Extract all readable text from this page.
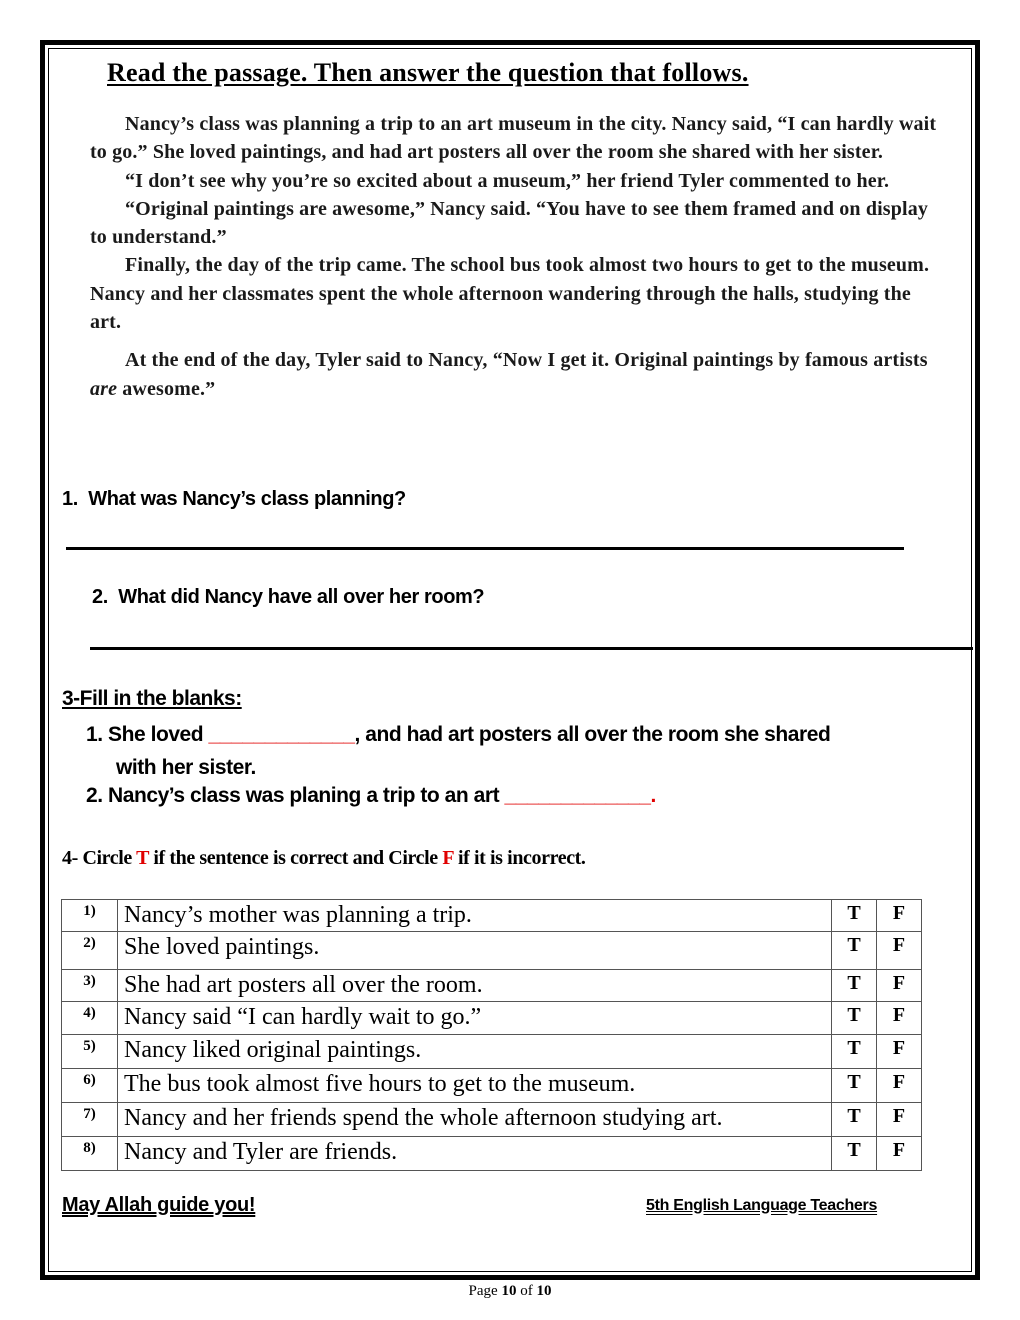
Read the passage. Then answer the question that follows.

Nancy’s class was planning a trip to an art museum in the city. Nancy said, “I can hardly wait to go.” She loved paintings, and had art posters all over the room she shared with her sister.

“I don’t see why you’re so excited about a museum,” her friend Tyler commented to her.

“Original paintings are awesome,” Nancy said. “You have to see them framed and on display to understand.”

Finally, the day of the trip came. The school bus took almost two hours to get to the museum. Nancy and her classmates spent the whole afternoon wandering through the halls, studying the art.

At the end of the day, Tyler said to Nancy, “Now I get it. Original paintings by famous artists are awesome.”

1. What was Nancy’s class planning?
2. What did Nancy have all over her room?
3-Fill in the blanks:
1. She loved _____________, and had art posters all over the room she shared
with her sister.
2. Nancy’s class was planing a trip to an art _____________.
4- Circle T if the sentence is correct and Circle F if it is incorrect.
1)	Nancy’s mother was planning a trip.	T	F
2)	She loved paintings.	T	F
3)	She had art posters all over the room.	T	F
4)	Nancy said “I can hardly wait to go.”	T	F
5)	Nancy liked original paintings.	T	F
6)	The bus took almost five hours to get to the museum.	T	F
7)	Nancy and her friends spend the whole afternoon studying art.	T	F
8)	Nancy and Tyler are friends.	T	F
May Allah guide you!	5th English Language Teachers
Page 10 of 10
